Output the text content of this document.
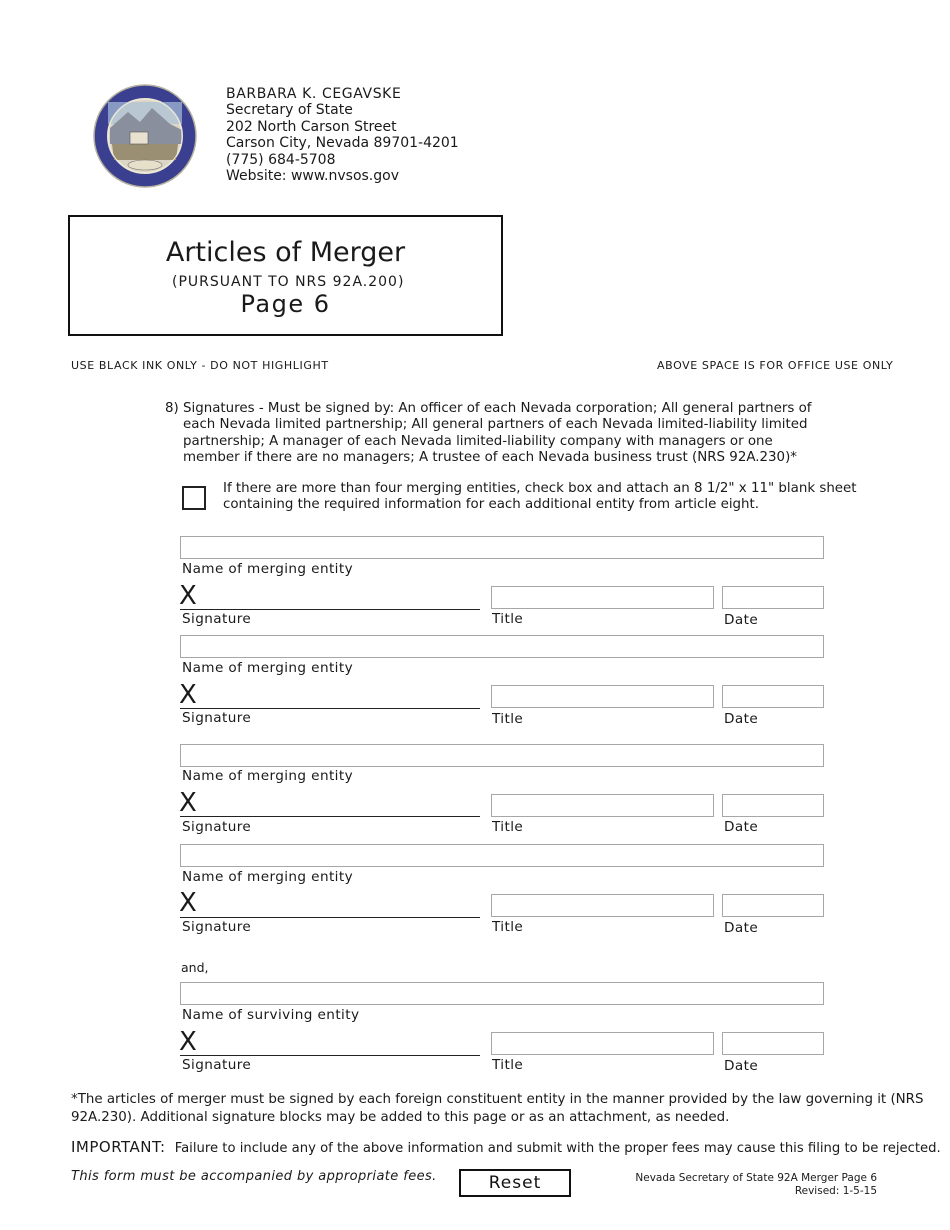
BARBARA K. CEGAVSKE
Secretary of State
202 North Carson Street
Carson City, Nevada 89701-4201
(775) 684-5708
Website: www.nvsos.gov
Articles of Merger
(PURSUANT TO NRS 92A.200)
Page 6
USE BLACK INK ONLY - DO NOT HIGHLIGHT	ABOVE SPACE IS FOR OFFICE USE ONLY
8) Signatures - Must be signed by: An officer of each Nevada corporation; All general partners of
each Nevada limited partnership; All general partners of each Nevada limited-liability limited
partnership; A manager of each Nevada limited-liability company with managers or one
member if there are no managers; A trustee of each Nevada business trust (NRS 92A.230)*
If there are more than four merging entities, check box and attach an 8 1/2" x 11" blank sheet
containing the required information for each additional entity from article eight.
Name of merging entity
X
Signature	Title	Date
Name of merging entity
X
Signature	Title	Date
Name of merging entity
X
Signature	Title	Date
Name of merging entity
X
Signature	Title	Date
and,
Name of surviving entity
X
Signature	Title	Date
*The articles of merger must be signed by each foreign constituent entity in the manner provided by the law governing it (NRS
92A.230). Additional signature blocks may be added to this page or as an attachment, as needed.
IMPORTANT: Failure to include any of the above information and submit with the proper fees may cause this filing to be rejected.
This form must be accompanied by appropriate fees.	Reset	Nevada Secretary of State 92A Merger Page 6
Revised: 1-5-15
